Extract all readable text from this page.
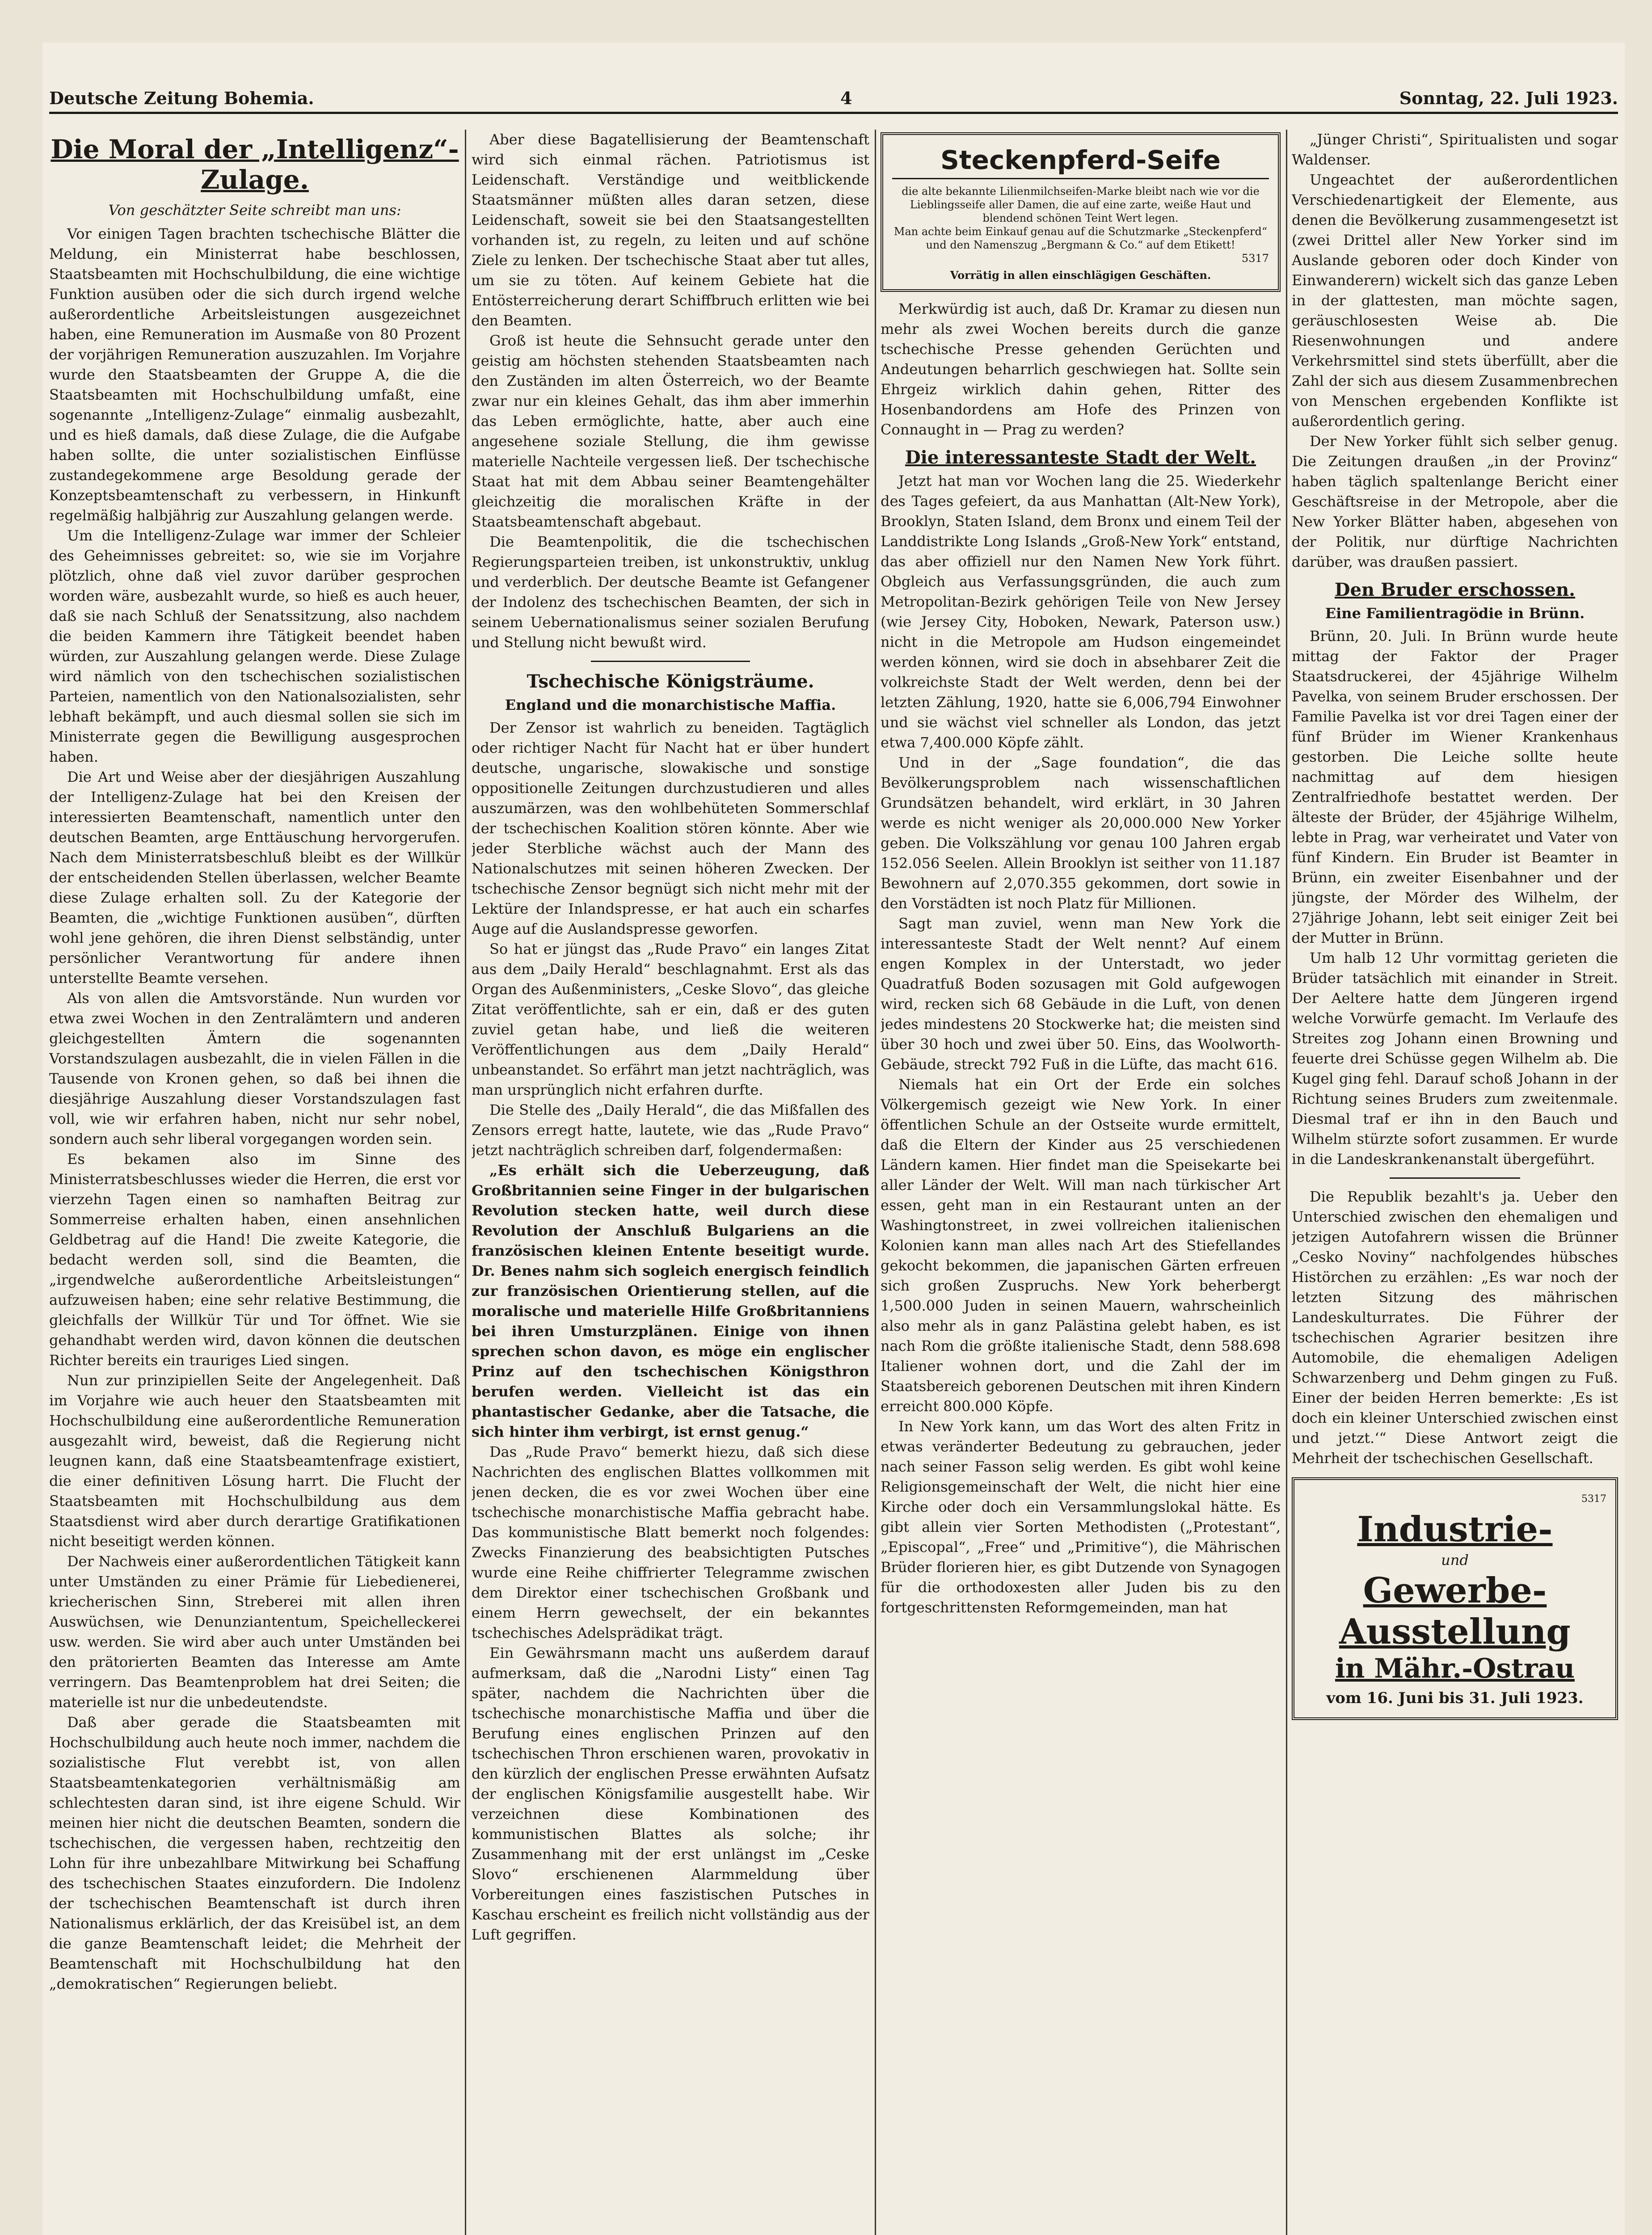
Deutsche Zeitung Bohemia.	4	Sonntag, 22. Juli 1923.
Die Moral der „Intelligenz“-Zulage.
Von geschätzter Seite schreibt man uns:

Vor einigen Tagen brachten tschechische Blätter die Meldung, ein Ministerrat habe beschlossen, Staatsbeamten mit Hochschulbildung, die eine wichtige Funktion ausüben oder die sich durch irgend welche außerordentliche Arbeitsleistungen ausgezeichnet haben, eine Remuneration im Ausmaße von 80 Prozent der vorjährigen Remuneration auszuzahlen. Im Vorjahre wurde den Staatsbeamten der Gruppe A, die die Staatsbeamten mit Hochschulbildung umfaßt, eine sogenannte „Intelligenz-Zulage“ einmalig ausbezahlt, und es hieß damals, daß diese Zulage, die die Aufgabe haben sollte, die unter sozialistischen Einflüsse zustandegekommene arge Besoldung gerade der Konzeptsbeamtenschaft zu verbessern, in Hinkunft regelmäßig halbjährig zur Auszahlung gelangen werde.

Um die Intelligenz-Zulage war immer der Schleier des Geheimnisses gebreitet: so, wie sie im Vorjahre plötzlich, ohne daß viel zuvor darüber gesprochen worden wäre, ausbezahlt wurde, so hieß es auch heuer, daß sie nach Schluß der Senatssitzung, also nachdem die beiden Kammern ihre Tätigkeit beendet haben würden, zur Auszahlung gelangen werde. Diese Zulage wird nämlich von den tschechischen sozialistischen Parteien, namentlich von den Nationalsozialisten, sehr lebhaft bekämpft, und auch diesmal sollen sie sich im Ministerrate gegen die Bewilligung ausgesprochen haben.

Die Art und Weise aber der diesjährigen Auszahlung der Intelligenz-Zulage hat bei den Kreisen der interessierten Beamtenschaft, namentlich unter den deutschen Beamten, arge Enttäuschung hervorgerufen. Nach dem Ministerratsbeschluß bleibt es der Willkür der entscheidenden Stellen überlassen, welcher Beamte diese Zulage erhalten soll. Zu der Kategorie der Beamten, die „wichtige Funktionen ausüben“, dürften wohl jene gehören, die ihren Dienst selbständig, unter persönlicher Verantwortung für andere ihnen unterstellte Beamte versehen.

Als von allen die Amtsvorstände. Nun wurden vor etwa zwei Wochen in den Zentralämtern und anderen gleichgestellten Ämtern die sogenannten Vorstandszulagen ausbezahlt, die in vielen Fällen in die Tausende von Kronen gehen, so daß bei ihnen die diesjährige Auszahlung dieser Vorstandszulagen fast voll, wie wir erfahren haben, nicht nur sehr nobel, sondern auch sehr liberal vorgegangen worden sein.

Es bekamen also im Sinne des Ministerratsbeschlusses wieder die Herren, die erst vor vierzehn Tagen einen so namhaften Beitrag zur Sommerreise erhalten haben, einen ansehnlichen Geldbetrag auf die Hand! Die zweite Kategorie, die bedacht werden soll, sind die Beamten, die „irgendwelche außerordentliche Arbeitsleistungen“ aufzuweisen haben; eine sehr relative Bestimmung, die gleichfalls der Willkür Tür und Tor öffnet. Wie sie gehandhabt werden wird, davon können die deutschen Richter bereits ein trauriges Lied singen.

Nun zur prinzipiellen Seite der Angelegenheit. Daß im Vorjahre wie auch heuer den Staatsbeamten mit Hochschulbildung eine außerordentliche Remuneration ausgezahlt wird, beweist, daß die Regierung nicht leugnen kann, daß eine Staatsbeamtenfrage existiert, die einer definitiven Lösung harrt. Die Flucht der Staatsbeamten mit Hochschulbildung aus dem Staatsdienst wird aber durch derartige Gratifikationen nicht beseitigt werden können.

Der Nachweis einer außerordentlichen Tätigkeit kann unter Umständen zu einer Prämie für Liebedienerei, kriecherischen Sinn, Streberei mit allen ihren Auswüchsen, wie Denunziantentum, Speichelleckerei usw. werden. Sie wird aber auch unter Umständen bei den prätorierten Beamten das Interesse am Amte verringern. Das Beamtenproblem hat drei Seiten; die materielle ist nur die unbedeutendste.

Daß aber gerade die Staatsbeamten mit Hochschulbildung auch heute noch immer, nachdem die sozialistische Flut verebbt ist, von allen Staatsbeamtenkategorien verhältnismäßig am schlechtesten daran sind, ist ihre eigene Schuld. Wir meinen hier nicht die deutschen Beamten, sondern die tschechischen, die vergessen haben, rechtzeitig den Lohn für ihre unbezahlbare Mitwirkung bei Schaffung des tschechischen Staates einzufordern. Die Indolenz der tschechischen Beamtenschaft ist durch ihren Nationalismus erklärlich, der das Kreisübel ist, an dem die ganze Beamtenschaft leidet; die Mehrheit der Beamtenschaft mit Hochschulbildung hat den „demokratischen“ Regierungen beliebt.

Aber diese Bagatellisierung der Beamtenschaft wird sich einmal rächen. Patriotismus ist Leidenschaft. Verständige und weitblickende Staatsmänner müßten alles daran setzen, diese Leidenschaft, soweit sie bei den Staatsangestellten vorhanden ist, zu regeln, zu leiten und auf schöne Ziele zu lenken. Der tschechische Staat aber tut alles, um sie zu töten. Auf keinem Gebiete hat die Entösterreicherung derart Schiffbruch erlitten wie bei den Beamten.

Groß ist heute die Sehnsucht gerade unter den geistig am höchsten stehenden Staatsbeamten nach den Zuständen im alten Österreich, wo der Beamte zwar nur ein kleines Gehalt, das ihm aber immerhin das Leben ermöglichte, hatte, aber auch eine angesehene soziale Stellung, die ihm gewisse materielle Nachteile vergessen ließ. Der tschechische Staat hat mit dem Abbau seiner Beamtengehälter gleichzeitig die moralischen Kräfte in der Staatsbeamtenschaft abgebaut.

Die Beamtenpolitik, die die tschechischen Regierungsparteien treiben, ist unkonstruktiv, unklug und verderblich. Der deutsche Beamte ist Gefangener der Indolenz des tschechischen Beamten, der sich in seinem Uebernationalismus seiner sozialen Berufung und Stellung nicht bewußt wird.

Tschechische Königsträume.
England und die monarchistische Maffia.

Der Zensor ist wahrlich zu beneiden. Tagtäglich oder richtiger Nacht für Nacht hat er über hundert deutsche, ungarische, slowakische und sonstige oppositionelle Zeitungen durchzustudieren und alles auszumärzen, was den wohlbehüteten Sommerschlaf der tschechischen Koalition stören könnte. Aber wie jeder Sterbliche wächst auch der Mann des Nationalschutzes mit seinen höheren Zwecken. Der tschechische Zensor begnügt sich nicht mehr mit der Lektüre der Inlandspresse, er hat auch ein scharfes Auge auf die Auslandspresse geworfen.

So hat er jüngst das „Rude Pravo“ ein langes Zitat aus dem „Daily Herald“ beschlagnahmt. Erst als das Organ des Außenministers, „Ceske Slovo“, das gleiche Zitat veröffentlichte, sah er ein, daß er des guten zuviel getan habe, und ließ die weiteren Veröffentlichungen aus dem „Daily Herald“ unbeanstandet. So erfährt man jetzt nachträglich, was man ursprünglich nicht erfahren durfte.

Die Stelle des „Daily Herald“, die das Mißfallen des Zensors erregt hatte, lautete, wie das „Rude Pravo“ jetzt nachträglich schreiben darf, folgendermaßen:

„Es erhält sich die Ueberzeugung, daß Großbritannien seine Finger in der bulgarischen Revolution stecken hatte, weil durch diese Revolution der Anschluß Bulgariens an die französischen kleinen Entente beseitigt wurde. Dr. Benes nahm sich sogleich energisch feindlich zur französischen Orientierung stellen, auf die moralische und materielle Hilfe Großbritanniens bei ihren Umsturzplänen. Einige von ihnen sprechen schon davon, es möge ein englischer Prinz auf den tschechischen Königsthron berufen werden. Vielleicht ist das ein phantastischer Gedanke, aber die Tatsache, die sich hinter ihm verbirgt, ist ernst genug.“

Das „Rude Pravo“ bemerkt hiezu, daß sich diese Nachrichten des englischen Blattes vollkommen mit jenen decken, die es vor zwei Wochen über eine tschechische monarchistische Maffia gebracht habe. Das kommunistische Blatt bemerkt noch folgendes: Zwecks Finanzierung des beabsichtigten Putsches wurde eine Reihe chiffrierter Telegramme zwischen dem Direktor einer tschechischen Großbank und einem Herrn gewechselt, der ein bekanntes tschechisches Adelsprädikat trägt.

Ein Gewährsmann macht uns außerdem darauf aufmerksam, daß die „Narodni Listy“ einen Tag später, nachdem die Nachrichten über die tschechische monarchistische Maffia und über die Berufung eines englischen Prinzen auf den tschechischen Thron erschienen waren, provokativ in den kürzlich der englischen Presse erwähnten Aufsatz der englischen Königsfamilie ausgestellt habe. Wir verzeichnen diese Kombinationen des kommunistischen Blattes als solche; ihr Zusammenhang mit der erst unlängst im „Ceske Slovo“ erschienenen Alarmmeldung über Vorbereitungen eines faszistischen Putsches in Kaschau erscheint es freilich nicht vollständig aus der Luft gegriffen.

Steckenpferd-Seife
die alte bekannte Lilienmilchseifen-Marke bleibt nach wie vor die Lieblingsseife aller Damen, die auf eine zarte, weiße Haut und blendend schönen Teint Wert legen.
Man achte beim Einkauf genau auf die Schutzmarke „Steckenpferd“ und den Namenszug „Bergmann & Co.“ auf dem Etikett!
5317
Vorrätig in allen einschlägigen Geschäften.

Merkwürdig ist auch, daß Dr. Kramar zu diesen nun mehr als zwei Wochen bereits durch die ganze tschechische Presse gehenden Gerüchten und Andeutungen beharrlich geschwiegen hat. Sollte sein Ehrgeiz wirklich dahin gehen, Ritter des Hosenbandordens am Hofe des Prinzen von Connaught in — Prag zu werden?

Die interessanteste Stadt der Welt.

Jetzt hat man vor Wochen lang die 25. Wiederkehr des Tages gefeiert, da aus Manhattan (Alt-New York), Brooklyn, Staten Island, dem Bronx und einem Teil der Landdistrikte Long Islands „Groß-New York“ entstand, das aber offiziell nur den Namen New York führt. Obgleich aus Verfassungsgründen, die auch zum Metropolitan-Bezirk gehörigen Teile von New Jersey (wie Jersey City, Hoboken, Newark, Paterson usw.) nicht in die Metropole am Hudson eingemeindet werden können, wird sie doch in absehbarer Zeit die volkreichste Stadt der Welt werden, denn bei der letzten Zählung, 1920, hatte sie 6,006,794 Einwohner und sie wächst viel schneller als London, das jetzt etwa 7,400.000 Köpfe zählt.

Und in der „Sage foundation“, die das Bevölkerungsproblem nach wissenschaftlichen Grundsätzen behandelt, wird erklärt, in 30 Jahren werde es nicht weniger als 20,000.000 New Yorker geben. Die Volkszählung vor genau 100 Jahren ergab 152.056 Seelen. Allein Brooklyn ist seither von 11.187 Bewohnern auf 2,070.355 gekommen, dort sowie in den Vorstädten ist noch Platz für Millionen.

Sagt man zuviel, wenn man New York die interessanteste Stadt der Welt nennt? Auf einem engen Komplex in der Unterstadt, wo jeder Quadratfuß Boden sozusagen mit Gold aufgewogen wird, recken sich 68 Gebäude in die Luft, von denen jedes mindestens 20 Stockwerke hat; die meisten sind über 30 hoch und zwei über 50. Eins, das Woolworth-Gebäude, streckt 792 Fuß in die Lüfte, das macht 616.

Niemals hat ein Ort der Erde ein solches Völkergemisch gezeigt wie New York. In einer öffentlichen Schule an der Ostseite wurde ermittelt, daß die Eltern der Kinder aus 25 verschiedenen Ländern kamen. Hier findet man die Speisekarte bei aller Länder der Welt. Will man nach türkischer Art essen, geht man in ein Restaurant unten an der Washingtonstreet, in zwei vollreichen italienischen Kolonien kann man alles nach Art des Stiefellandes gekocht bekommen, die japanischen Gärten erfreuen sich großen Zuspruchs. New York beherbergt 1,500.000 Juden in seinen Mauern, wahrscheinlich also mehr als in ganz Palästina gelebt haben, es ist nach Rom die größte italienische Stadt, denn 588.698 Italiener wohnen dort, und die Zahl der im Staatsbereich geborenen Deutschen mit ihren Kindern erreicht 800.000 Köpfe.

In New York kann, um das Wort des alten Fritz in etwas veränderter Bedeutung zu gebrauchen, jeder nach seiner Fasson selig werden. Es gibt wohl keine Religionsgemeinschaft der Welt, die nicht hier eine Kirche oder doch ein Versammlungslokal hätte. Es gibt allein vier Sorten Methodisten („Protestant“, „Episcopal“, „Free“ und „Primitive“), die Mährischen Brüder florieren hier, es gibt Dutzende von Synagogen für die orthodoxesten aller Juden bis zu den fortgeschrittensten Reformgemeinden, man hat

„Jünger Christi“, Spiritualisten und sogar Waldenser.

Ungeachtet der außerordentlichen Verschiedenartigkeit der Elemente, aus denen die Bevölkerung zusammengesetzt ist (zwei Drittel aller New Yorker sind im Auslande geboren oder doch Kinder von Einwanderern) wickelt sich das ganze Leben in der glattesten, man möchte sagen, geräuschlosesten Weise ab. Die Riesenwohnungen und andere Verkehrsmittel sind stets überfüllt, aber die Zahl der sich aus diesem Zusammenbrechen von Menschen ergebenden Konflikte ist außerordentlich gering.

Der New Yorker fühlt sich selber genug. Die Zeitungen draußen „in der Provinz“ haben täglich spaltenlange Bericht einer Geschäftsreise in der Metropole, aber die New Yorker Blätter haben, abgesehen von der Politik, nur dürftige Nachrichten darüber, was draußen passiert.

Den Bruder erschossen.
Eine Familientragödie in Brünn.

Brünn, 20. Juli. In Brünn wurde heute mittag der Faktor der Prager Staatsdruckerei, der 45jährige Wilhelm Pavelka, von seinem Bruder erschossen. Der Familie Pavelka ist vor drei Tagen einer der fünf Brüder im Wiener Krankenhaus gestorben. Die Leiche sollte heute nachmittag auf dem hiesigen Zentralfriedhofe bestattet werden. Der älteste der Brüder, der 45jährige Wilhelm, lebte in Prag, war verheiratet und Vater von fünf Kindern. Ein Bruder ist Beamter in Brünn, ein zweiter Eisenbahner und der jüngste, der Mörder des Wilhelm, der 27jährige Johann, lebt seit einiger Zeit bei der Mutter in Brünn.

Um halb 12 Uhr vormittag gerieten die Brüder tatsächlich mit einander in Streit. Der Aeltere hatte dem Jüngeren irgend welche Vorwürfe gemacht. Im Verlaufe des Streites zog Johann einen Browning und feuerte drei Schüsse gegen Wilhelm ab. Die Kugel ging fehl. Darauf schoß Johann in der Richtung seines Bruders zum zweitenmale. Diesmal traf er ihn in den Bauch und Wilhelm stürzte sofort zusammen. Er wurde in die Landeskrankenanstalt übergeführt.

Die Republik bezahlt's ja. Ueber den Unterschied zwischen den ehemaligen und jetzigen Autofahrern wissen die Brünner „Cesko Noviny“ nachfolgendes hübsches Histörchen zu erzählen: „Es war noch der letzten Sitzung des mährischen Landeskulturrates. Die Führer der tschechischen Agrarier besitzen ihre Automobile, die ehemaligen Adeligen Schwarzenberg und Dehm gingen zu Fuß. Einer der beiden Herren bemerkte: ‚Es ist doch ein kleiner Unterschied zwischen einst und jetzt.‘“ Diese Antwort zeigt die Mehrheit der tschechischen Gesellschaft.

5317
Industrie-
und
Gewerbe-Ausstellung
in Mähr.-Ostrau
vom 16. Juni bis 31. Juli 1923.
